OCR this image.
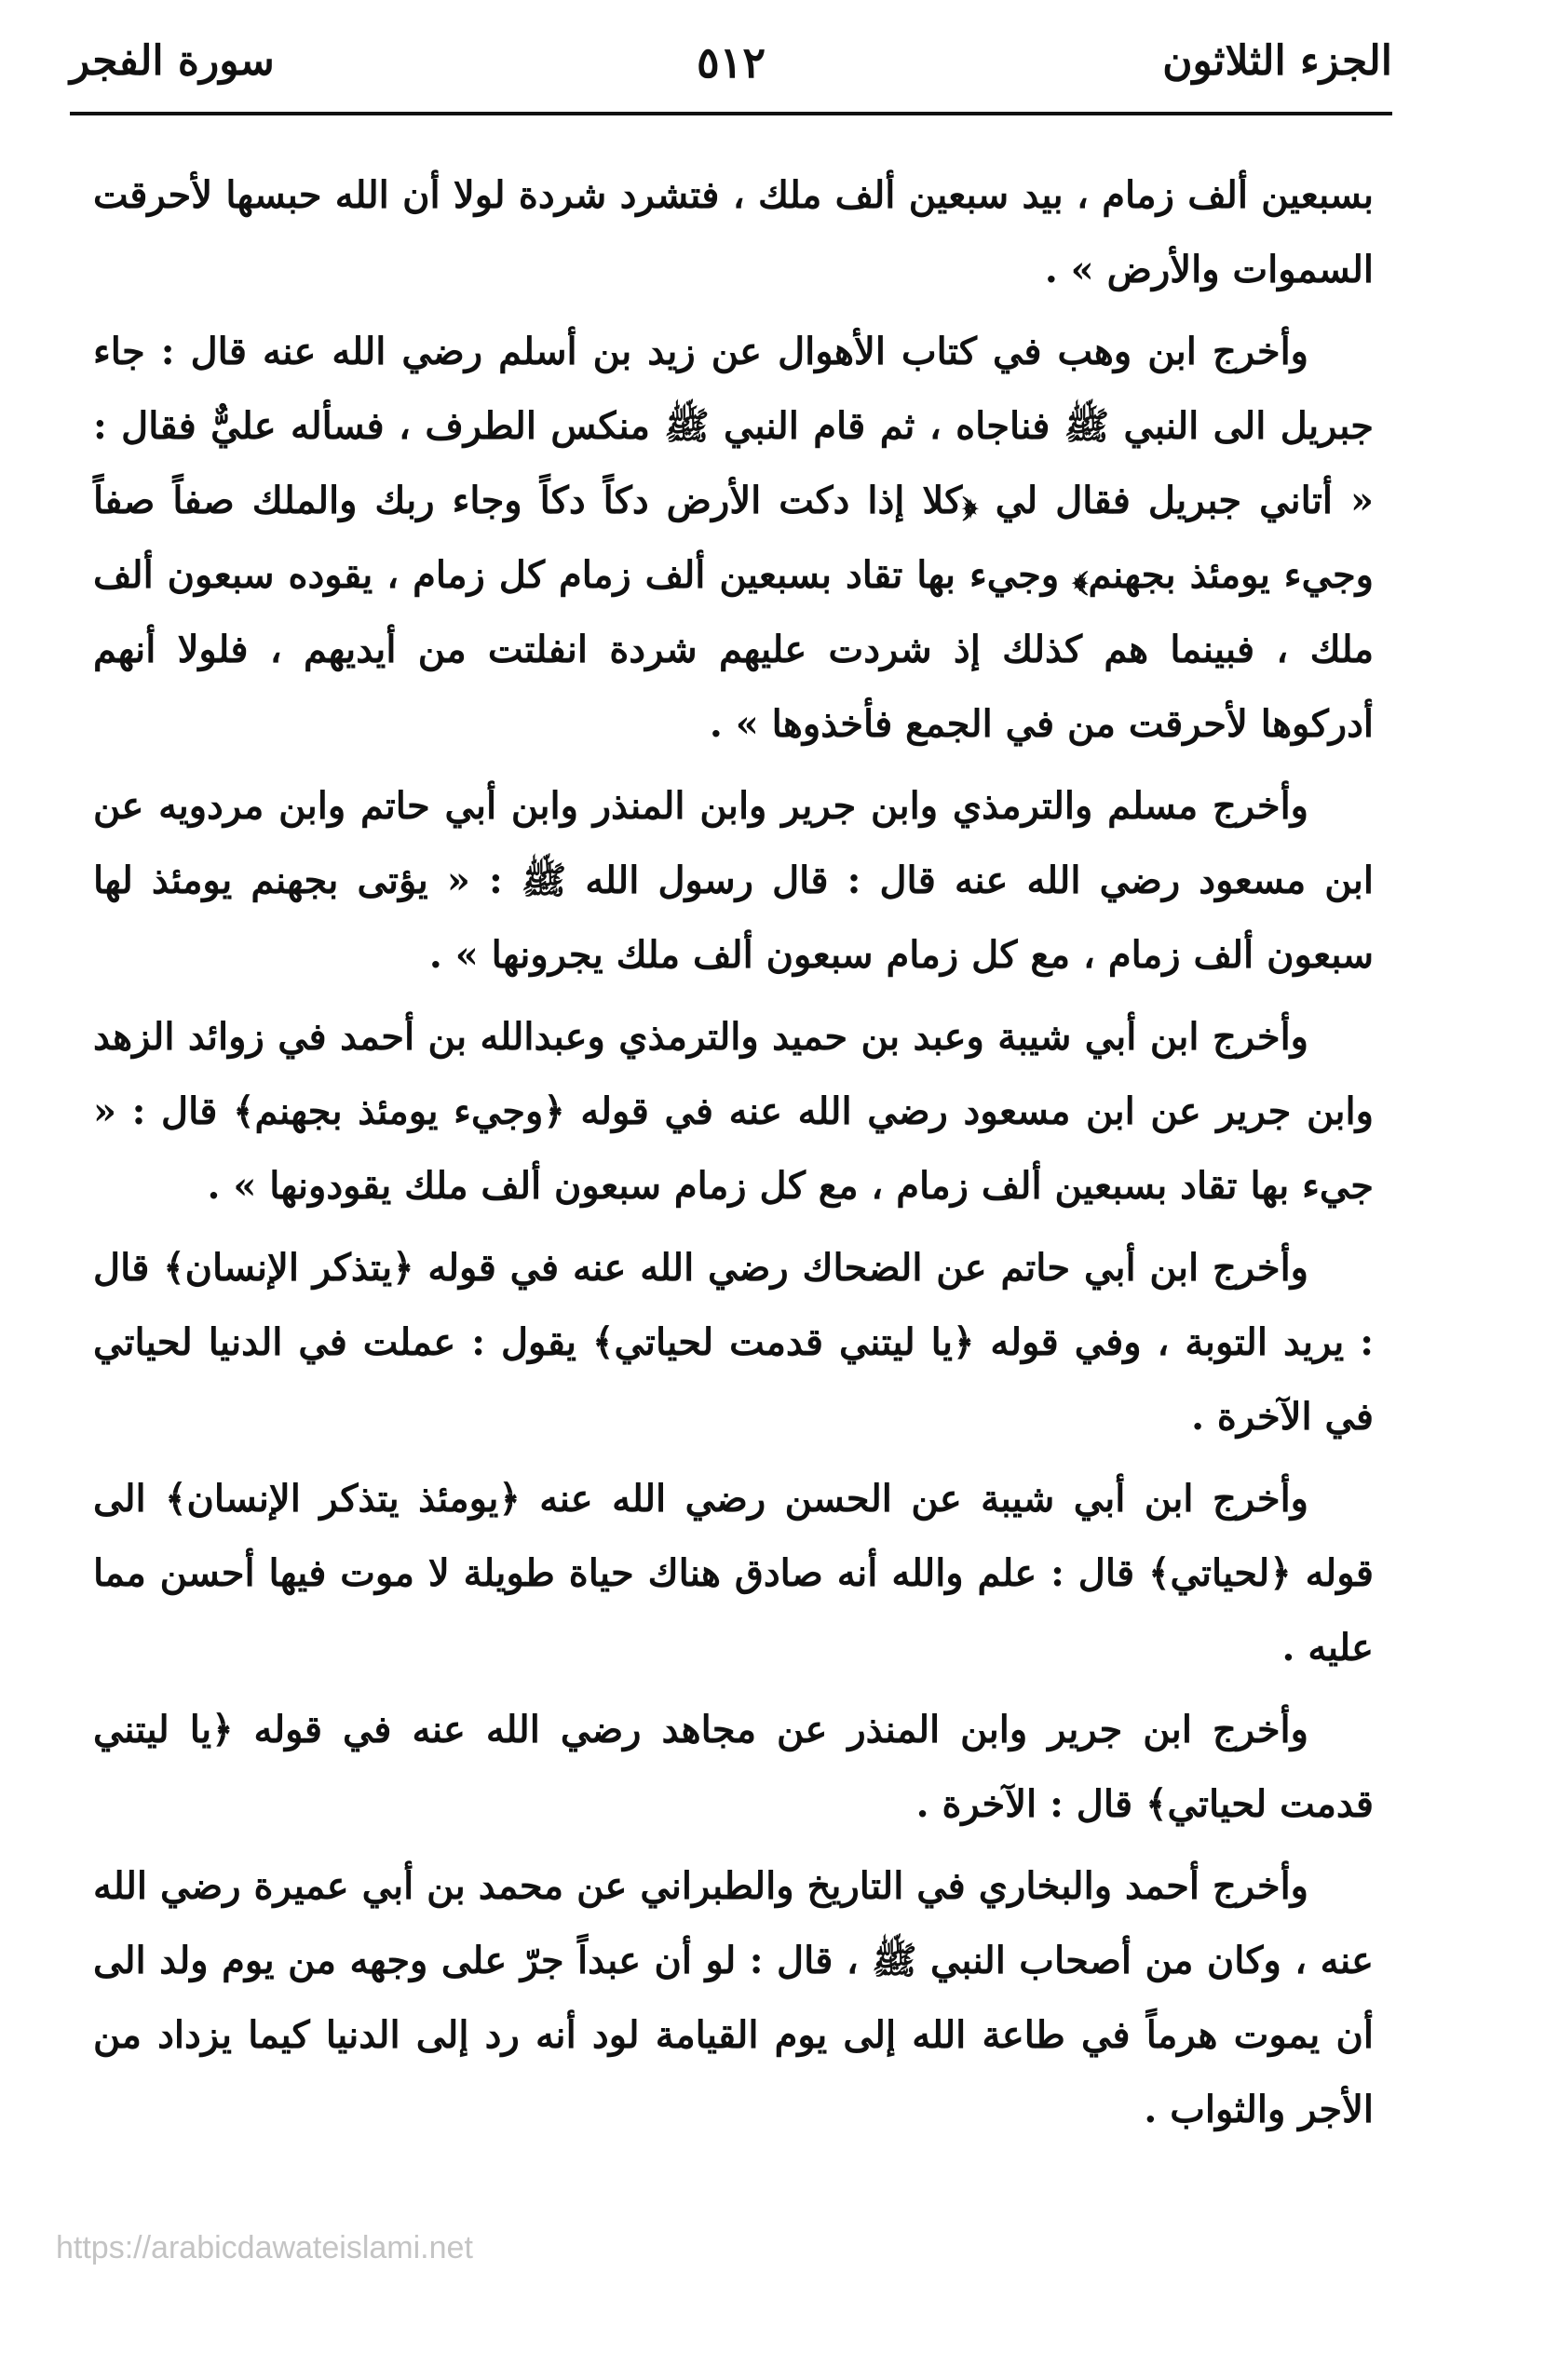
الجزء الثلاثون
٥١٢
سورة الفجر

بسبعين ألف زمام ، بيد سبعين ألف ملك ، فتشرد شردة لولا أن الله حبسها لأحرقت السموات والأرض » .

وأخرج ابن وهب في كتاب الأهوال عن زيد بن أسلم رضي الله عنه قال : جاء جبريل الى النبي ﷺ فناجاه ، ثم قام النبي ﷺ منكس الطرف ، فسأله عليٌّ فقال : « أتاني جبريل فقال لي ﴿كلا إذا دكت الأرض دكاً دكاً وجاء ربك والملك صفاً صفاً وجيء يومئذ بجهنم﴾ وجيء بها تقاد بسبعين ألف زمام كل زمام ، يقوده سبعون ألف ملك ، فبينما هم كذلك إذ شردت عليهم شردة انفلتت من أيديهم ، فلولا أنهم أدركوها لأحرقت من في الجمع فأخذوها » .

وأخرج مسلم والترمذي وابن جرير وابن المنذر وابن أبي حاتم وابن مردويه عن ابن مسعود رضي الله عنه قال : قال رسول الله ﷺ : « يؤتى بجهنم يومئذ لها سبعون ألف زمام ، مع كل زمام سبعون ألف ملك يجرونها » .

وأخرج ابن أبي شيبة وعبد بن حميد والترمذي وعبدالله بن أحمد في زوائد الزهد وابن جرير عن ابن مسعود رضي الله عنه في قوله ﴿وجيء يومئذ بجهنم﴾ قال : « جيء بها تقاد بسبعين ألف زمام ، مع كل زمام سبعون ألف ملك يقودونها » .

وأخرج ابن أبي حاتم عن الضحاك رضي الله عنه في قوله ﴿يتذكر الإنسان﴾ قال : يريد التوبة ، وفي قوله ﴿يا ليتني قدمت لحياتي﴾ يقول : عملت في الدنيا لحياتي في الآخرة .

وأخرج ابن أبي شيبة عن الحسن رضي الله عنه ﴿يومئذ يتذكر الإنسان﴾ الى قوله ﴿لحياتي﴾ قال : علم والله أنه صادق هناك حياة طويلة لا موت فيها أحسن مما عليه .

وأخرج ابن جرير وابن المنذر عن مجاهد رضي الله عنه في قوله ﴿يا ليتني قدمت لحياتي﴾ قال : الآخرة .

وأخرج أحمد والبخاري في التاريخ والطبراني عن محمد بن أبي عميرة رضي الله عنه ، وكان من أصحاب النبي ﷺ ، قال : لو أن عبداً جرّ على وجهه من يوم ولد الى أن يموت هرماً في طاعة الله إلى يوم القيامة لود أنه رد إلى الدنيا كيما يزداد من الأجر والثواب .

https://arabicdawateislami.net
